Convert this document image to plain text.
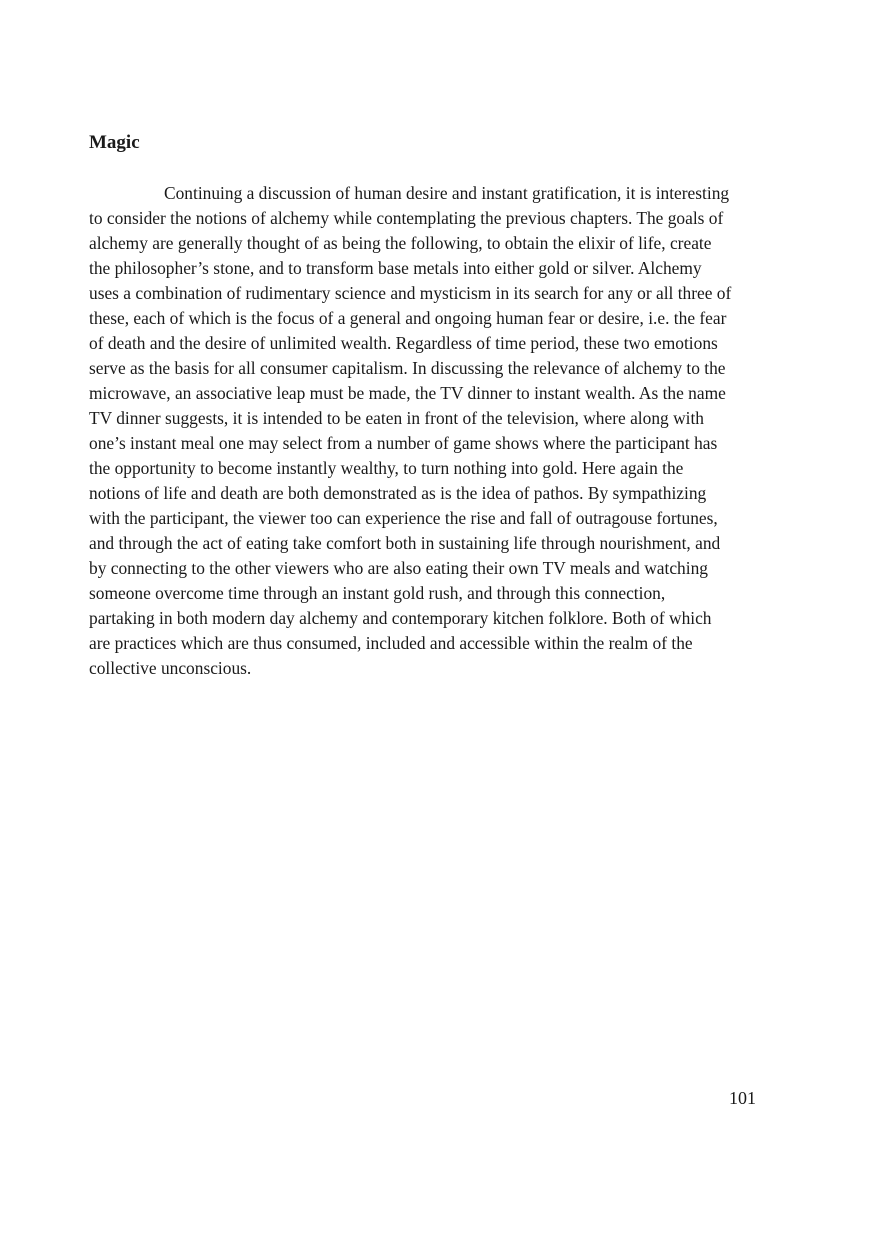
Magic
Continuing a discussion of human desire and instant gratification, it is interesting
to consider the notions of alchemy while contemplating the previous chapters. The goals of
alchemy are generally thought of as being the following, to obtain the elixir of life, create
the philosopher’s stone, and to transform base metals into either gold or silver. Alchemy
uses a combination of rudimentary science and mysticism in its search for any or all three of
these, each of which is the focus of a general and ongoing human fear or desire, i.e. the fear
of death and the desire of unlimited wealth. Regardless of time period, these two emotions
serve as the basis for all consumer capitalism. In discussing the relevance of alchemy to the
microwave, an associative leap must be made, the TV dinner to instant wealth. As the name
TV dinner suggests, it is intended to be eaten in front of the television, where along with
one’s instant meal one may select from a number of game shows where the participant has
the opportunity to become instantly wealthy, to turn nothing into gold. Here again the
notions of life and death are both demonstrated as is the idea of pathos. By sympathizing
with the participant, the viewer too can experience the rise and fall of outragouse fortunes,
and through the act of eating take comfort both in sustaining life through nourishment, and
by connecting to the other viewers who are also eating their own TV meals and watching
someone overcome time through an instant gold rush, and through this connection,
partaking in both modern day alchemy and contemporary kitchen folklore. Both of which
are practices which are thus consumed, included and accessible within the realm of the
collective unconscious.

101
